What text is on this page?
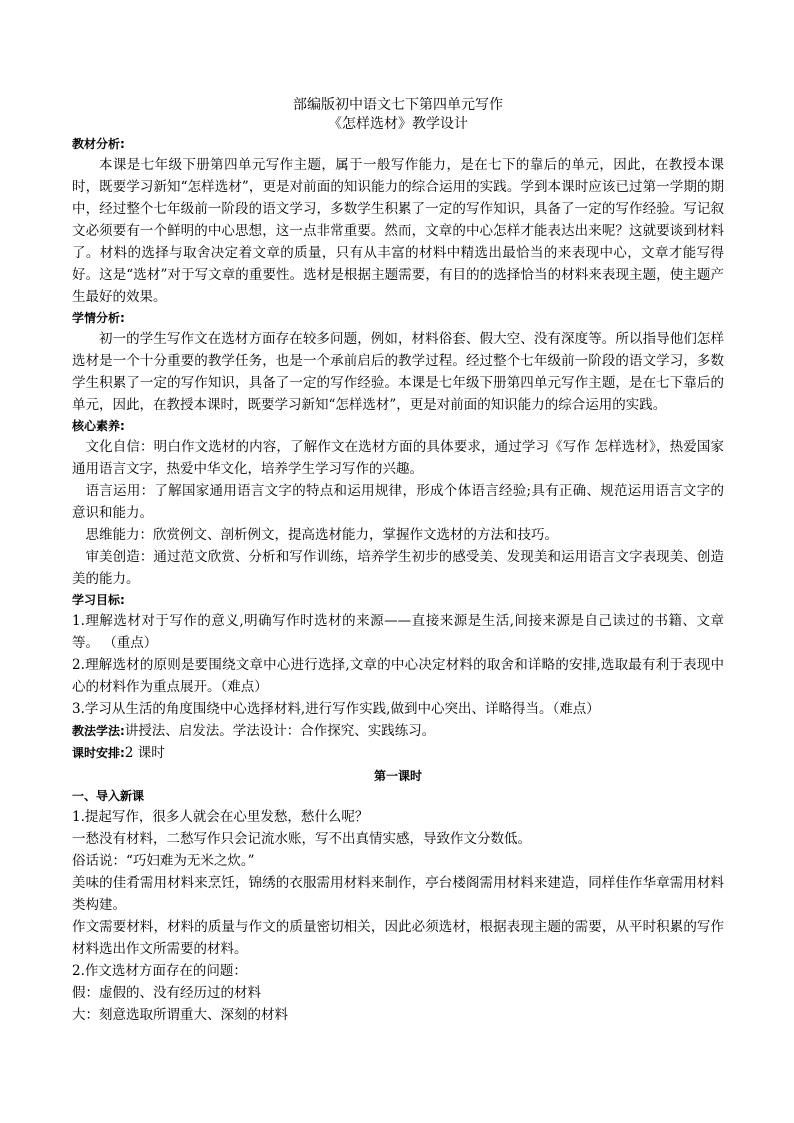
部编版初中语文七下第四单元写作

《怎样选材》教学设计

教材分析:

本课是七年级下册第四单元写作主题，属于一般写作能力，是在七下的靠后的单元，因此，在教授本课时，既要学习新知“怎样选材”，更是对前面的知识能力的综合运用的实践。学到本课时应该已过第一学期的期中，经过整个七年级前一阶段的语文学习，多数学生积累了一定的写作知识，具备了一定的写作经验。写记叙文必须要有一个鲜明的中心思想，这一点非常重要。然而，文章的中心怎样才能表达出来呢？这就要谈到材料了。材料的选择与取舍决定着文章的质量，只有从丰富的材料中精选出最恰当的来表现中心，文章才能写得好。这是“选材”对于写文章的重要性。选材是根据主题需要，有目的的选择恰当的材料来表现主题，使主题产生最好的效果。

学情分析:

初一的学生写作文在选材方面存在较多问题，例如，材料俗套、假大空、没有深度等。所以指导他们怎样选材是一个十分重要的教学任务，也是一个承前启后的教学过程。经过整个七年级前一阶段的语文学习，多数学生积累了一定的写作知识，具备了一定的写作经验。本课是七年级下册第四单元写作主题，是在七下靠后的单元，因此，在教授本课时，既要学习新知“怎样选材”，更是对前面的知识能力的综合运用的实践。

核心素养:

文化自信：明白作文选材的内容，了解作文在选材方面的具体要求，通过学习《写作 怎样选材》，热爱国家通用语言文字，热爱中华文化，培养学生学习写作的兴趣。

语言运用：了解国家通用语言文字的特点和运用规律，形成个体语言经验;具有正确、规范运用语言文字的意识和能力。

思维能力：欣赏例文、剖析例文，提高选材能力，掌握作文选材的方法和技巧。

审美创造：通过范文欣赏、分析和写作训练，培养学生初步的感受美、发现美和运用语言文字表现美、创造美的能力。

学习目标:

1.理解选材对于写作的意义,明确写作时选材的来源——直接来源是生活,间接来源是自己读过的书籍、文章等。 （重点）

2.理解选材的原则是要围绕文章中心进行选择,文章的中心决定材料的取舍和详略的安排,选取最有利于表现中心的材料作为重点展开。（难点）

3.学习从生活的角度围绕中心选择材料,进行写作实践,做到中心突出、详略得当。（难点）

教法学法:讲授法、启发法。学法设计：合作探究、实践练习。

课时安排:2 课时

第一课时

一、导入新课

1.提起写作，很多人就会在心里发愁，愁什么呢？

一愁没有材料，二愁写作只会记流水账，写不出真情实感，导致作文分数低。

俗话说：“巧妇难为无米之炊。”

美味的佳肴需用材料来烹饪，锦绣的衣服需用材料来制作，亭台楼阁需用材料来建造，同样佳作华章需用材料类构建。

作文需要材料，材料的质量与作文的质量密切相关，因此必须选材，根据表现主题的需要，从平时积累的写作材料选出作文所需要的材料。

2.作文选材方面存在的问题：

假：虚假的、没有经历过的材料

大：刻意选取所谓重大、深刻的材料
